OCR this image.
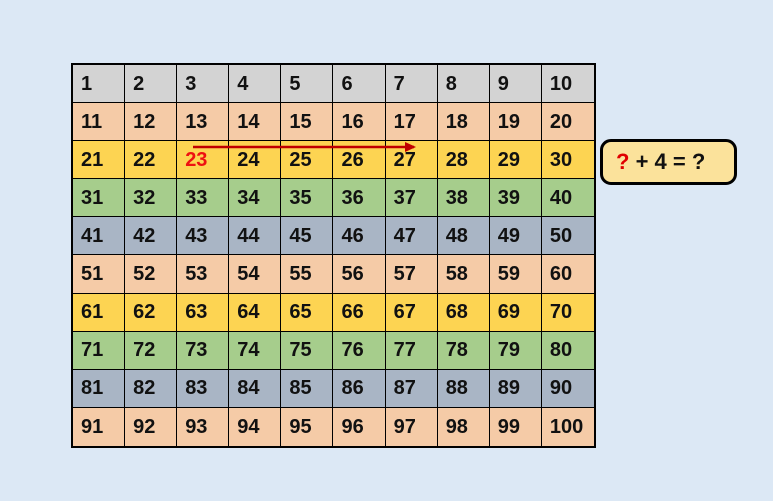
1	2	3	4	5	6	7	8	9	10
11	12	13	14	15	16	17	18	19	20
21	22	23	24	25	26	27	28	29	30
31	32	33	34	35	36	37	38	39	40
41	42	43	44	45	46	47	48	49	50
51	52	53	54	55	56	57	58	59	60
61	62	63	64	65	66	67	68	69	70
71	72	73	74	75	76	77	78	79	80
81	82	83	84	85	86	87	88	89	90
91	92	93	94	95	96	97	98	99	100
? + 4 = ?
